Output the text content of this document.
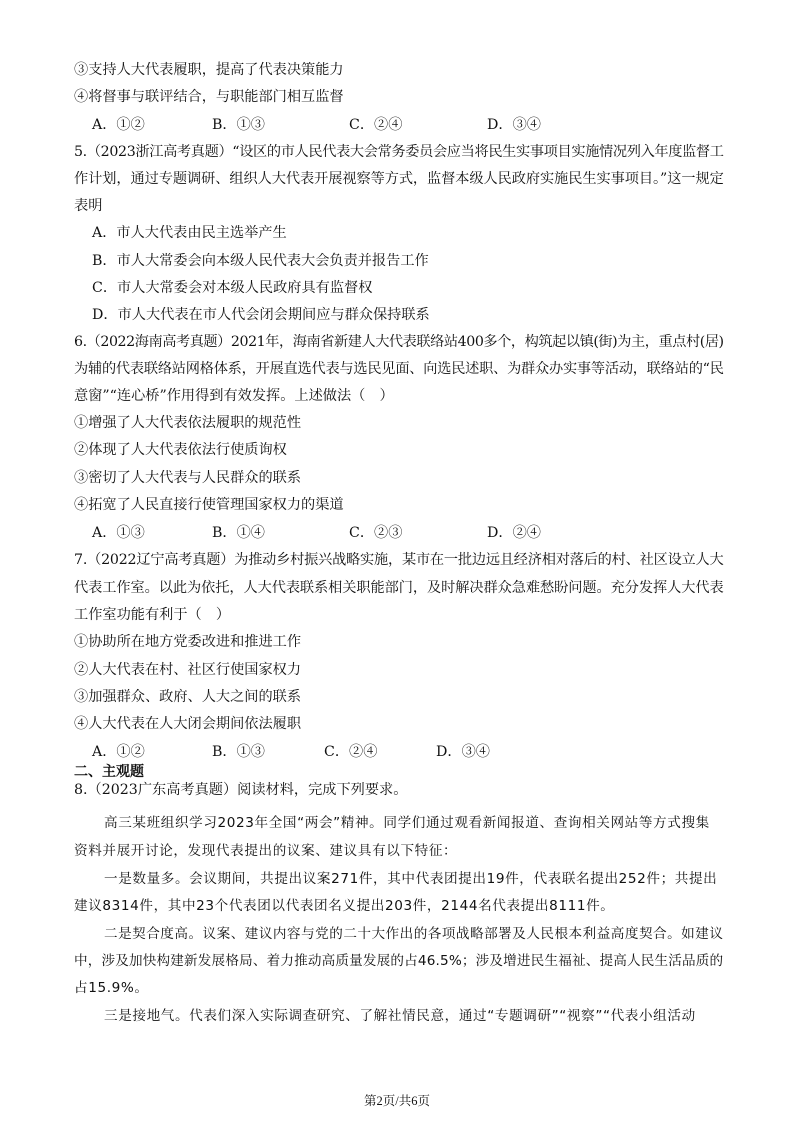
③支持人大代表履职，提高了代表决策能力
④将督事与联评结合，与职能部门相互监督
A．①②	B．①③	C．②④	D．③④
5.（2023浙江高考真题）“设区的市人民代表大会常务委员会应当将民生实事项目实施情况列入年度监督工
作计划，通过专题调研、组织人大代表开展视察等方式，监督本级人民政府实施民生实事项目。”这一规定
表明
A．市人大代表由民主选举产生
B．市人大常委会向本级人民代表大会负责并报告工作
C．市人大常委会对本级人民政府具有监督权
D．市人大代表在市人代会闭会期间应与群众保持联系
6.（2022海南高考真题）2021年，海南省新建人大代表联络站400多个，构筑起以镇(街)为主，重点村(居)
为辅的代表联络站网格体系，开展直选代表与选民见面、向选民述职、为群众办实事等活动，联络站的“民
意窗”“连心桥”作用得到有效发挥。上述做法（　）
①增强了人大代表依法履职的规范性
②体现了人大代表依法行使质询权
③密切了人大代表与人民群众的联系
④拓宽了人民直接行使管理国家权力的渠道
A．①③	B．①④	C．②③	D．②④
7.（2022辽宁高考真题）为推动乡村振兴战略实施，某市在一批边远且经济相对落后的村、社区设立人大
代表工作室。以此为依托，人大代表联系相关职能部门，及时解决群众急难愁盼问题。充分发挥人大代表
工作室功能有利于（　）
①协助所在地方党委改进和推进工作
②人大代表在村、社区行使国家权力
③加强群众、政府、人大之间的联系
④人大代表在人大闭会期间依法履职
A．①②	B．①③	C．②④	D．③④
二、主观题
8.（2023广东高考真题）阅读材料，完成下列要求。
高三某班组织学习2023年全国“两会”精神。同学们通过观看新闻报道、查询相关网站等方式搜集
资料并展开讨论，发现代表提出的议案、建议具有以下特征：
一是数量多。会议期间，共提出议案271件，其中代表团提出19件，代表联名提出252件；共提出
建议8314件，其中23个代表团以代表团名义提出203件，2144名代表提出8111件。
二是契合度高。议案、建议内容与党的二十大作出的各项战略部署及人民根本利益高度契合。如建议
中，涉及加快构建新发展格局、着力推动高质量发展的占46.5%；涉及增进民生福祉、提高人民生活品质的
占15.9%。
三是接地气。代表们深入实际调查研究、了解社情民意，通过“专题调研”“视察”“代表小组活动
第2页/共6页
